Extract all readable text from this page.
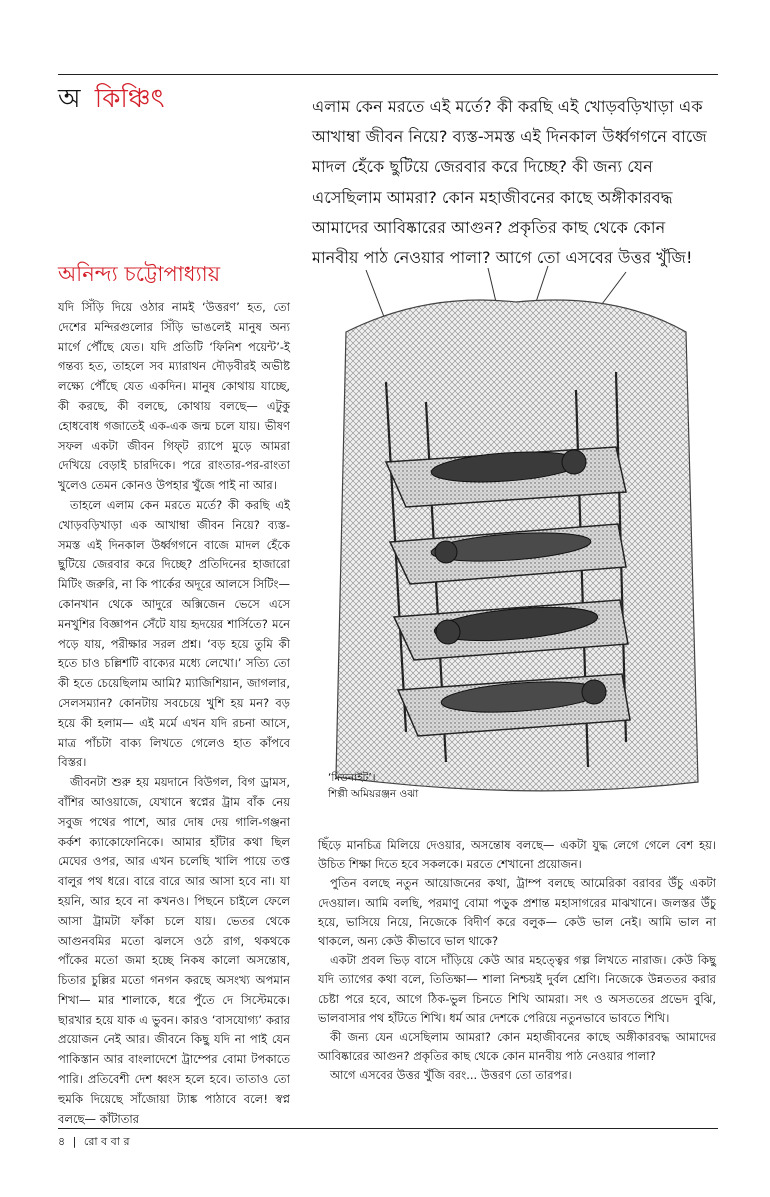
অ কিঞ্চিৎ
অনিন্দ্য চট্টোপাধ্যায়
এলাম কেন মরতে এই মর্তে? কী করছি এই খোড়বড়িখাড়া এক
আখাম্বা জীবন নিয়ে? ব্যস্ত-সমস্ত এই দিনকাল উর্ধ্বগগনে বাজে
মাদল হেঁকে ছুটিয়ে জেরবার করে দিচ্ছে? কী জন্য যেন
এসেছিলাম আমরা? কোন মহাজীবনের কাছে অঙ্গীকারবদ্ধ
আমাদের আবিষ্কারের আগুন? প্রকৃতির কাছ থেকে কোন
মানবীয় পাঠ নেওয়ার পালা? আগে তো এসবের উত্তর খুঁজি!

যদি সিঁড়ি দিয়ে ওঠার নামই ‘উত্তরণ’ হত, তো দেশের মন্দিরগুলোর সিঁড়ি ভাঙলেই মানুষ অন্য মার্গে পৌঁছে যেত। যদি প্রতিটি ‘ফিনিশ পয়েন্ট’-ই গন্তব্য হত, তাহলে সব ম্যারাথন দৌড়বীরই অভীষ্ট লক্ষ্যে পৌঁছে যেত একদিন। মানুষ কোথায় যাচ্ছে, কী করছে, কী বলছে, কোথায় বলছে— এটুকু হোধবোধ গজাতেই এক-এক জন্ম চলে যায়। ভীষণ সফল একটা জীবন গিফ্‌ট র‍্যাপে মুড়ে আমরা দেখিয়ে বেড়াই চারদিকে। পরে রাংতার-পর-রাংতা খুলেও তেমন কোনও উপহার খুঁজে পাই না আর।

তাহলে এলাম কেন মরতে মর্তে? কী করছি এই খোড়বড়িখাড়া এক আখাম্বা জীবন নিয়ে? ব্যস্ত-সমস্ত এই দিনকাল উর্ধ্বগগনে বাজে মাদল হেঁকে ছুটিয়ে জেরবার করে দিচ্ছে? প্রতিদিনের হাজারো মিটিং জরুরি, না কি পার্কের অদূরে আলসে সিটিং— কোনখান থেকে আদুরে অক্সিজেন ভেসে এসে মনখুশির বিজ্ঞাপন সেঁটে যায় হৃদয়ের শার্সিতে? মনে পড়ে যায়, পরীক্ষার সরল প্রশ্ন। ‘বড় হয়ে তুমি কী হতে চাও চল্লিশটি বাক্যের মধ্যে লেখো।’ সত্যি তো কী হতে চেয়েছিলাম আমি? ম্যাজিশিয়ান, জাগলার, সেলসম্যান? কোনটায় সবচেয়ে খুশি হয় মন? বড় হয়ে কী হলাম— এই মর্মে এখন যদি রচনা আসে, মাত্র পাঁচটা বাক্য লিখতে গেলেও হাত কাঁপবে বিস্তর।

জীবনটা শুরু হয় ময়দানে বিউগল, বিগ ড্রামস, বাঁশির আওয়াজে, যেখানে স্বপ্নের ট্রাম বাঁক নেয় সবুজ পথের পাশে, আর দোষ দেয় গালি-গঞ্জনা কর্কশ ক্যাকোফোনিকে। আমার হাঁটার কথা ছিল মেঘের ওপর, আর এখন চলেছি খালি পায়ে তপ্ত বালুর পথ ধরে। বারে বারে আর আসা হবে না। যা হয়নি, আর হবে না কখনও। পিছনে চাইলে ফেলে আসা ট্রামটা ফাঁকা চলে যায়। ভেতর থেকে আগুনবমির মতো ঝলসে ওঠে রাগ, থকথকে পাঁকের মতো জমা হচ্ছে নিকষ কালো অসন্তোষ, চিতার চুল্লির মতো গনগন করছে অসংখ্য অপমান শিখা— মার শালাকে, ধরে পুঁতে দে সিস্টেমকে। ছারখার হয়ে যাক এ ভুবন। কারও ‘বাসযোগ্য’ করার প্রয়োজন নেই আর। জীবনে কিছু যদি না পাই যেন পাকিস্তান আর বাংলাদেশে ট্রাম্পের বোমা টপকাতে পারি। প্রতিবেশী দেশ ধ্বংস হলে হবে। তাতাও তো হুমকি দিয়েছে সাঁজোয়া ট্যাঙ্ক পাঠাবে বলে! স্বপ্ন বলছে— কাঁটাতার

‘মিডনাইট’।
শিল্পী অমিয়রঞ্জন ওঝা

ছিঁড়ে মানচিত্র মিলিয়ে দেওয়ার, অসন্তোষ বলছে— একটা যুদ্ধ লেগে গেলে বেশ হয়। উচিত শিক্ষা দিতে হবে সকলকে। মরতে শেখানো প্রয়োজন।

পুতিন বলছে নতুন আয়োজনের কথা, ট্রাম্প বলছে আমেরিকা বরাবর উঁচু একটা দেওয়াল। আমি বলছি, পরমাণু বোমা পড়ুক প্রশান্ত মহাসাগরের মাঝখানে। জলস্তর উঁচু হয়ে, ভাসিয়ে নিয়ে, নিজেকে বিদীর্ণ করে বলুক— কেউ ভাল নেই। আমি ভাল না থাকলে, অন্য কেউ কীভাবে ভাল থাকে?

একটা প্রবল ভিড় বাসে দাঁড়িয়ে কেউ আর মহত্ত্বের গল্প লিখতে নারাজ। কেউ কিছু যদি ত্যাগের কথা বলে, তিতিক্ষা— শালা নিশ্চয়ই দুর্বল শ্রেণি। নিজেকে উন্নততর করার চেষ্টা পরে হবে, আগে ঠিক-ভুল চিনতে শিখি আমরা। সৎ ও অসততের প্রভেদ বুঝি, ভালবাসার পথ হাঁটতে শিখি। ধর্ম আর দেশকে পেরিয়ে নতুনভাবে ভাবতে শিখি।

কী জন্য যেন এসেছিলাম আমরা? কোন মহাজীবনের কাছে অঙ্গীকারবদ্ধ আমাদের আবিষ্কারের আগুন? প্রকৃতির কাছ থেকে কোন মানবীয় পাঠ নেওয়ার পালা?

আগে এসবের উত্তর খুঁজি বরং... উত্তরণ তো তারপর।

৪ | রো ব বা র
